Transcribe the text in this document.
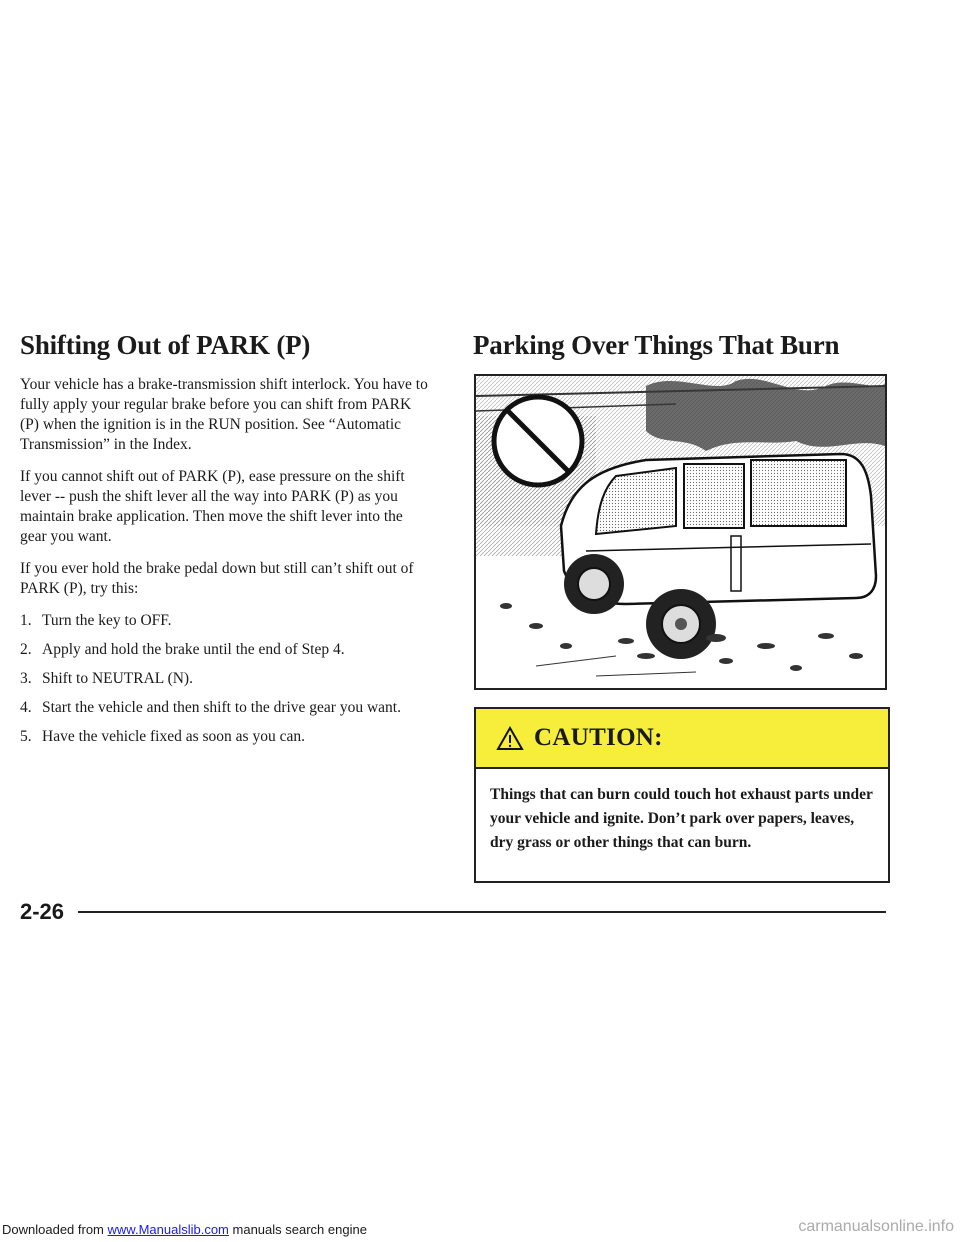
Shifting Out of PARK (P)

Your vehicle has a brake-transmission shift interlock. You have to fully apply your regular brake before you can shift from PARK (P) when the ignition is in the RUN position. See “Automatic Transmission” in the Index.

If you cannot shift out of PARK (P), ease pressure on the shift lever -- push the shift lever all the way into PARK (P) as you maintain brake application. Then move the shift lever into the gear you want.

If you ever hold the brake pedal down but still can’t shift out of PARK (P), try this:

1. Turn the key to OFF.
2. Apply and hold the brake until the end of Step 4.
3. Shift to NEUTRAL (N).
4. Start the vehicle and then shift to the drive gear you want.
5. Have the vehicle fixed as soon as you can.
Parking Over Things That Burn
CAUTION:
Things that can burn could touch hot exhaust parts under your vehicle and ignite. Don’t park over papers, leaves, dry grass or other things that can burn.
2-26
Downloaded from www.Manualslib.com manuals search engine	carmanualsonline.info
